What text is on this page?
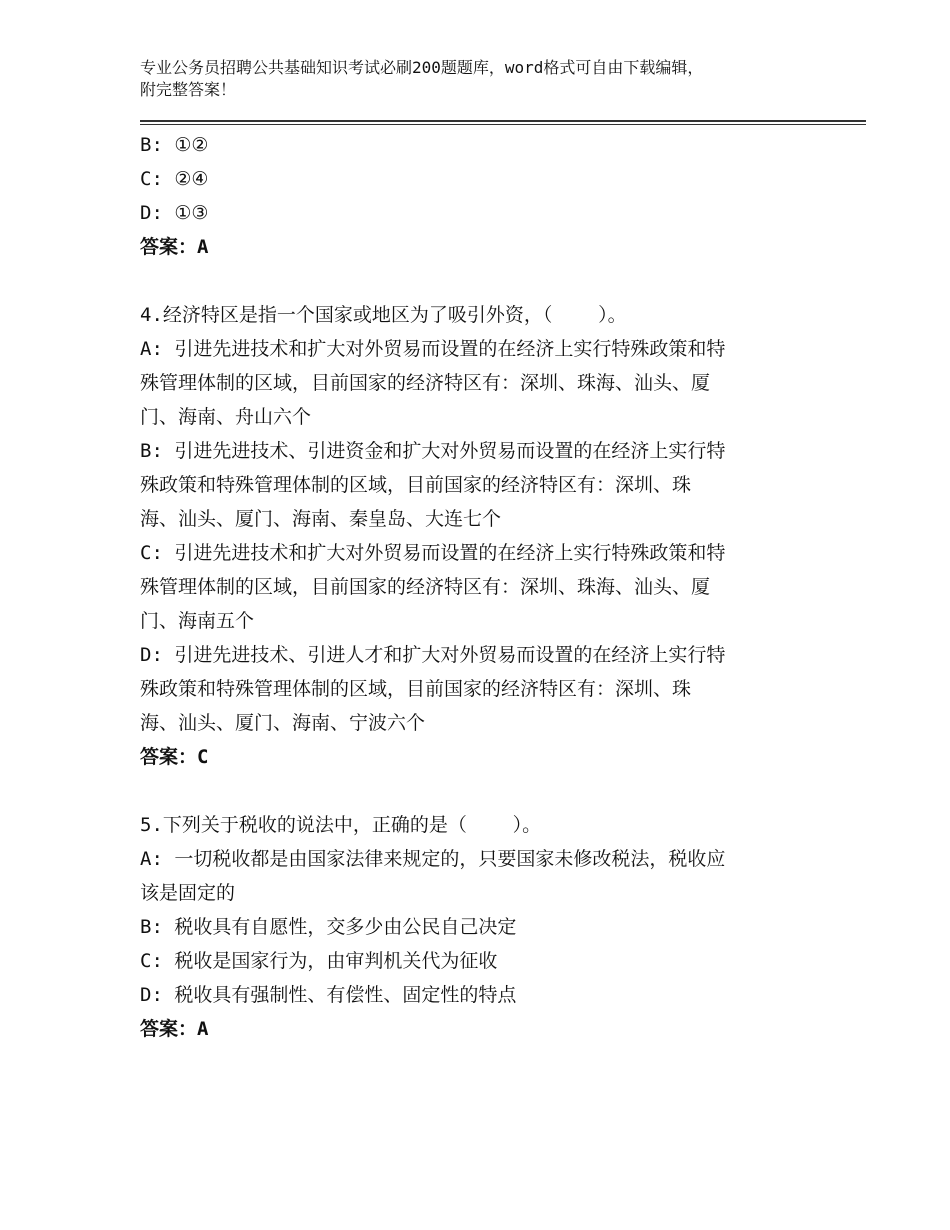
专业公务员招聘公共基础知识考试必刷200题题库，word格式可自由下载编辑，
附完整答案！
B: ①②
C: ②④
D: ①③
答案：A
4.经济特区是指一个国家或地区为了吸引外资，（    ）。
A: 引进先进技术和扩大对外贸易而设置的在经济上实行特殊政策和特
殊管理体制的区域，目前国家的经济特区有：深圳、珠海、汕头、厦
门、海南、舟山六个
B: 引进先进技术、引进资金和扩大对外贸易而设置的在经济上实行特
殊政策和特殊管理体制的区域，目前国家的经济特区有：深圳、珠
海、汕头、厦门、海南、秦皇岛、大连七个
C: 引进先进技术和扩大对外贸易而设置的在经济上实行特殊政策和特
殊管理体制的区域，目前国家的经济特区有：深圳、珠海、汕头、厦
门、海南五个
D: 引进先进技术、引进人才和扩大对外贸易而设置的在经济上实行特
殊政策和特殊管理体制的区域，目前国家的经济特区有：深圳、珠
海、汕头、厦门、海南、宁波六个
答案：C
5.下列关于税收的说法中，正确的是（    ）。
A: 一切税收都是由国家法律来规定的，只要国家未修改税法，税收应
该是固定的
B: 税收具有自愿性，交多少由公民自己决定
C: 税收是国家行为，由审判机关代为征收
D: 税收具有强制性、有偿性、固定性的特点
答案：A
